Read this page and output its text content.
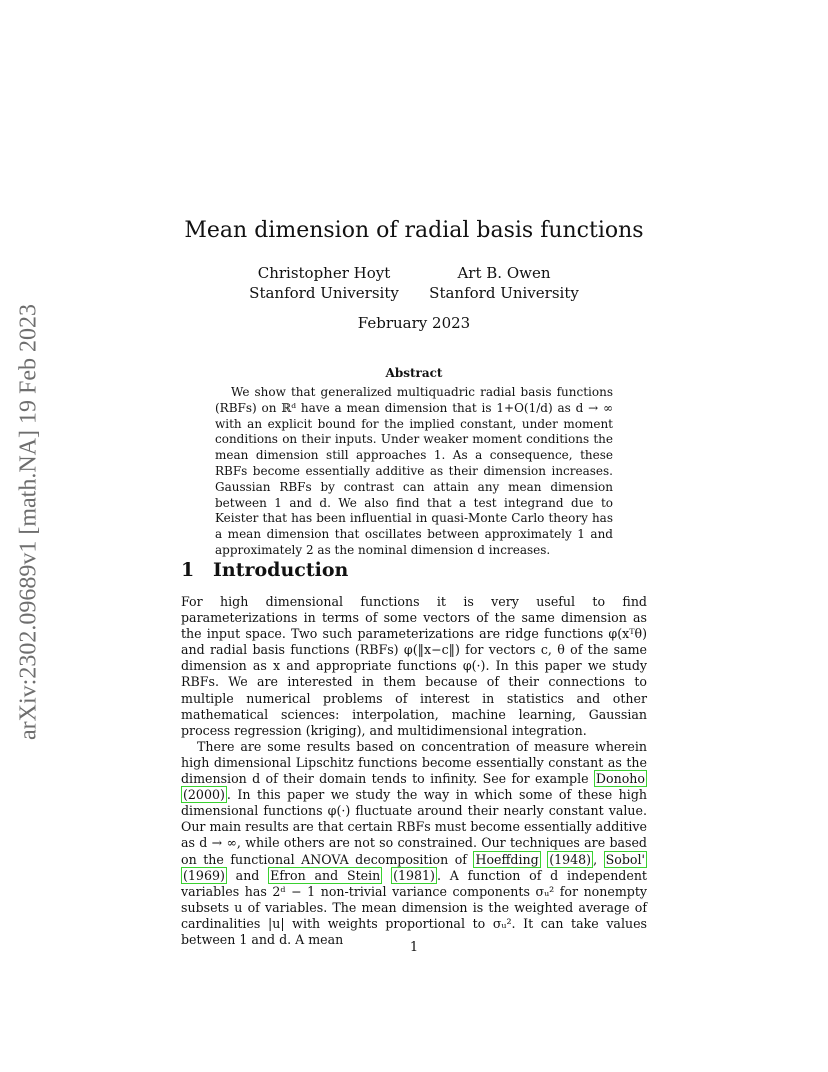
arXiv:2302.09689v1 [math.NA] 19 Feb 2023
Mean dimension of radial basis functions
Christopher Hoyt
Stanford University
Art B. Owen
Stanford University
February 2023
Abstract
We show that generalized multiquadric radial basis functions (RBFs) on ℝᵈ have a mean dimension that is 1+O(1/d) as d → ∞ with an explicit bound for the implied constant, under moment conditions on their inputs. Under weaker moment conditions the mean dimension still approaches 1. As a consequence, these RBFs become essentially additive as their dimension increases. Gaussian RBFs by contrast can attain any mean dimension between 1 and d. We also find that a test integrand due to Keister that has been influential in quasi-Monte Carlo theory has a mean dimension that oscillates between approximately 1 and approximately 2 as the nominal dimension d increases.
1 Introduction

For high dimensional functions it is very useful to find parameterizations in terms of some vectors of the same dimension as the input space. Two such parameterizations are ridge functions φ(xᵀθ) and radial basis functions (RBFs) φ(‖x−c‖) for vectors c, θ of the same dimension as x and appropriate functions φ(·). In this paper we study RBFs. We are interested in them because of their connections to multiple numerical problems of interest in statistics and other mathematical sciences: interpolation, machine learning, Gaussian process regression (kriging), and multidimensional integration.

There are some results based on concentration of measure wherein high dimensional Lipschitz functions become essentially constant as the dimension d of their domain tends to infinity. See for example Donoho (2000) . In this paper we study the way in which some of these high dimensional functions φ(·) fluctuate around their nearly constant value. Our main results are that certain RBFs must become essentially additive as d → ∞, while others are not so constrained. Our techniques are based on the functional ANOVA decomposition of Hoeffding (1948) , Sobol' (1969) and Efron and Stein (1981) . A function of d independent variables has 2ᵈ − 1 non-trivial variance components σᵤ² for nonempty subsets u of variables. The mean dimension is the weighted average of cardinalities |u| with weights proportional to σᵤ². It can take values between 1 and d. A mean

1
